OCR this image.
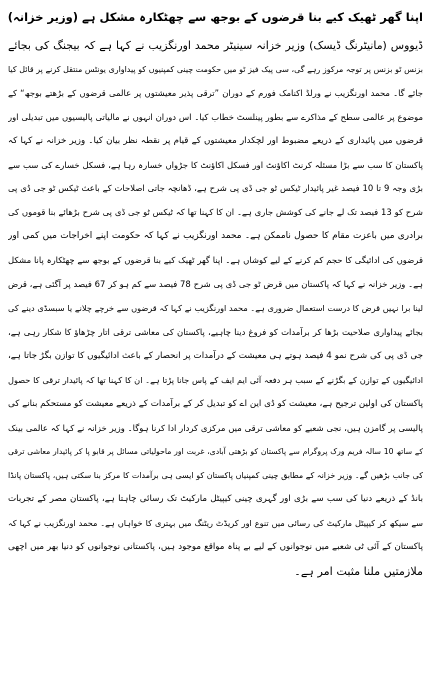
اپنا گھر ٹھیک کیے بنا قرضوں کے بوجھ سے چھٹکارہ مشکل ہے (وزیر خزانہ)
ڈیووس (مانیٹرنگ ڈیسک) وزیر خزانہ سینیٹر محمد اورنگزیب نے کہا ہے کہ بیجنگ کی بجائے
بزنس ٹو بزنس پر توجہ مرکوز رہے گی، سی پیک فیز ٹو میں حکومت چینی کمپنیوں کو پیداواری یونٹس منتقل کرنے پر قائل کیا
جائے گا۔ محمد اورنگزیب نے ورلڈ اکنامک فورم کے دوران ”ترقی پذیر معیشتوں پر عالمی قرضوں کے بڑھتے بوجھ“ کے
موضوع پر عالمی سطح کے مذاکرے سے بطور پینلسٹ خطاب کیا۔ اس دوران انہوں نے مالیاتی پالیسیوں میں تبدیلی اور
قرضوں میں پائیداری کے ذریعے مضبوط اور لچکدار معیشتوں کے قیام پر نقطہ نظر بیان کیا۔ وزیر خزانہ نے کہا کہ
پاکستان کا سب سے بڑا مسئلہ کرنٹ اکاؤنٹ اور فسکل اکاؤنٹ کا جڑواں خسارہ رہا ہے، فسکل خسارے کی سب سے
بڑی وجہ 9 تا 10 فیصد غیر پائیدار ٹیکس ٹو جی ڈی پی شرح ہے، ڈھانچہ جاتی اصلاحات کے باعث ٹیکس ٹو جی ڈی پی
شرح کو 13 فیصد تک لے جانے کی کوشش جاری ہے۔ ان کا کہنا تھا کہ ٹیکس ٹو جی ڈی پی شرح بڑھائے بنا قوموں کی
برادری میں باعزت مقام کا حصول ناممکن ہے۔ محمد اورنگزیب نے کہا کہ حکومت اپنے اخراجات میں کمی اور
قرضوں کی ادائیگی کا حجم کم کرنے کے لیے کوشاں ہے۔ اپنا گھر ٹھیک کیے بنا قرضوں کے بوجھ سے چھٹکارہ پانا مشکل
ہے۔ وزیر خزانہ نے کہا کہ پاکستان میں قرض ٹو جی ڈی پی شرح 78 فیصد سے کم ہو کر 67 فیصد پر آگئی ہے، قرض
لینا برا نہیں قرض کا درست استعمال ضروری ہے۔ محمد اورنگزیب نے کہا کہ قرضوں سے خرچے چلانے یا سبسڈی دینے کی
بجائے پیداواری صلاحیت بڑھا کر برآمدات کو فروغ دینا چاہیے، پاکستان کی معاشی ترقی اتار چڑھاؤ کا شکار رہی ہے،
جی ڈی پی کی شرح نمو 4 فیصد ہوتے ہی معیشت کے درآمدات پر انحصار کے باعث ادائیگیوں کا توازن بگڑ جاتا ہے،
ادائیگیوں کے توازن کے بگڑنے کے سبب ہر دفعہ آئی ایم ایف کے پاس جانا پڑتا ہے۔ ان کا کہنا تھا کہ پائیدار ترقی کا حصول
پاکستان کی اولین ترجیح ہے، معیشت کو ڈی این اے کو تبدیل کر کے برآمدات کے ذریعے معیشت کو مستحکم بنانے کی
پالیسی پر گامزن ہیں، نجی شعبے کو معاشی ترقی میں مرکزی کردار ادا کرنا ہوگا۔ وزیر خزانہ نے کہا کہ عالمی بینک
کے ساتھ 10 سالہ فریم ورک پروگرام سے پاکستان کو بڑھتی آبادی، غربت اور ماحولیاتی مسائل پر قابو پا کر پائیدار معاشی ترقی
کی جانب بڑھیں گے۔ وزیر خزانہ کے مطابق چینی کمپنیاں پاکستان کو ایسی ہی برآمدات کا مرکز بنا سکتی ہیں، پاکستان پانڈا
بانڈ کے ذریعے دنیا کی سب سے بڑی اور گہری چینی کیپیٹل مارکیٹ تک رسائی چاہتا ہے، پاکستان مصر کے تجربات
سے سیکھ کر کیپیٹل مارکیٹ کی رسائی میں تنوع اور کریڈٹ ریٹنگ میں بہتری کا خواہاں ہے۔ محمد اورنگزیب نے کہا کہ
پاکستان کے آئی ٹی شعبے میں نوجوانوں کے لیے بے پناہ مواقع موجود ہیں، پاکستانی نوجوانوں کو دنیا بھر میں اچھی
ملازمتیں ملنا مثبت امر ہے۔
